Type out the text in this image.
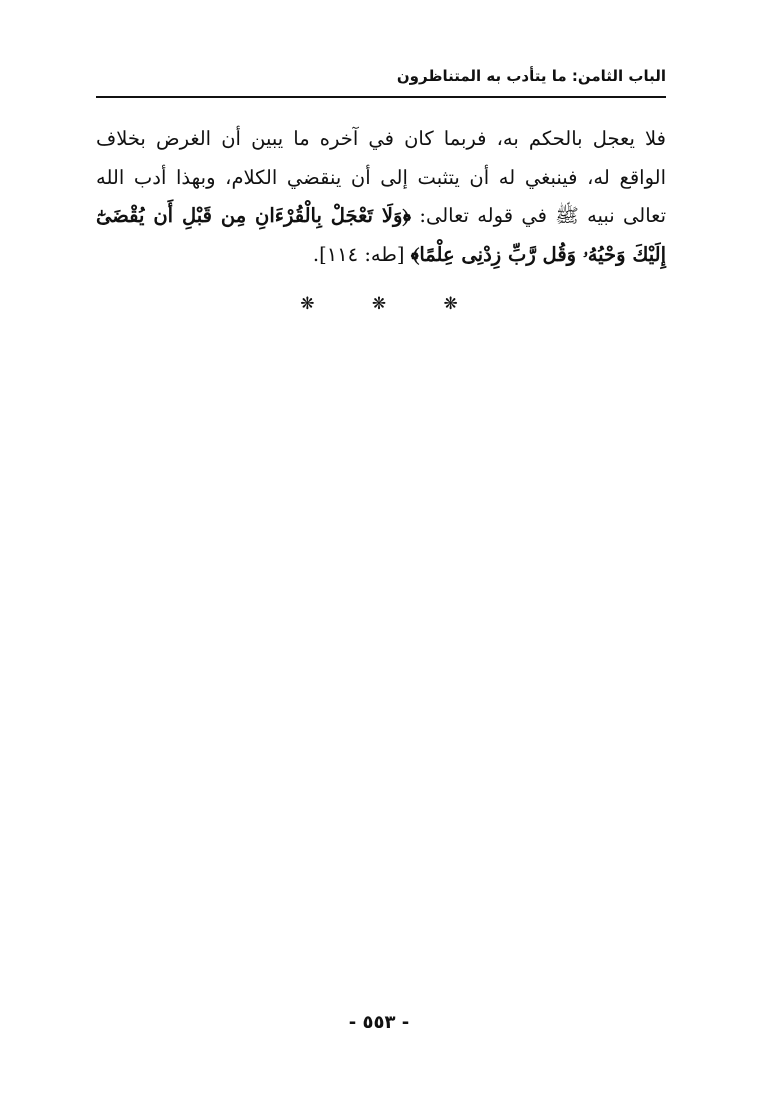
الباب الثامن: ما يتأدب به المتناظرون
فلا يعجل بالحكم به، فربما كان في آخره ما يبين أن الغرض بخلاف الواقع له، فينبغي له أن يتثبت إلى أن ينقضي الكلام، وبهذا أدب الله تعالى نبيه ﷺ في قوله تعالى: ﴿وَلَا تَعْجَلْ بِالْقُرْءَانِ مِن قَبْلِ أَن يُقْضَىٰٓ إِلَيْكَ وَحْيُهُۥ وَقُل رَّبِّ زِدْنِى عِلْمًا﴾ [طه: ١١٤].
❋ ❋ ❋
- ٥٥٣ -
